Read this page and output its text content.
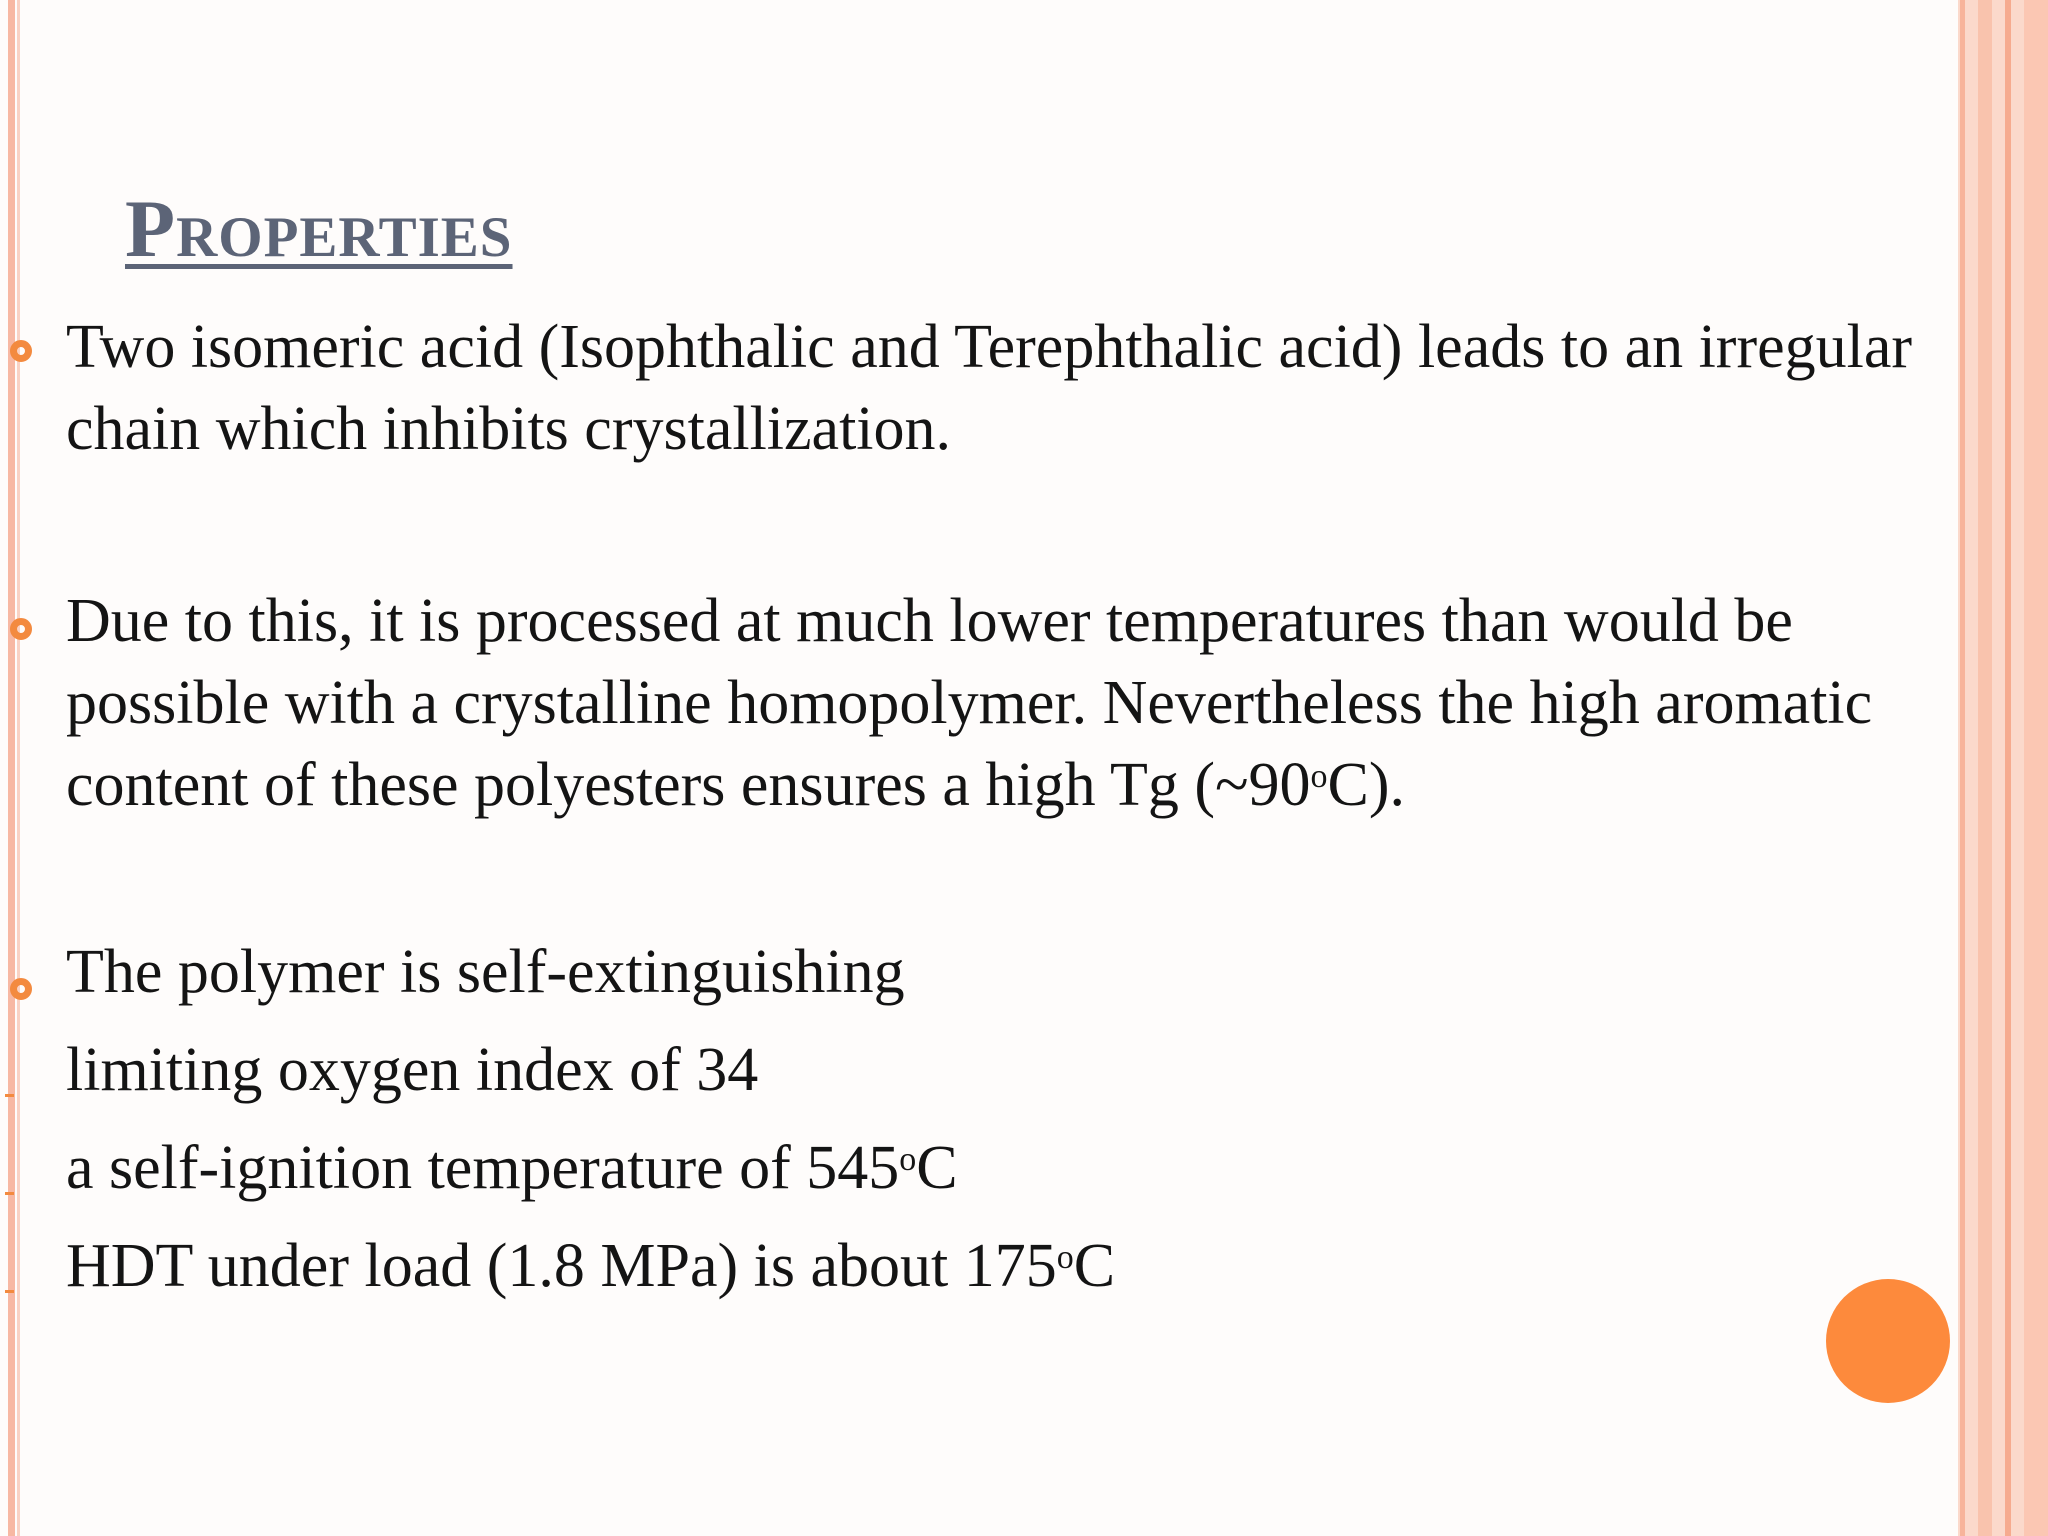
Properties
Two isomeric acid (Isophthalic and Terephthalic acid) leads to an irregular
chain which inhibits crystallization.
Due to this, it is processed at much lower temperatures than would be
possible with a crystalline homopolymer. Nevertheless the high aromatic
content of these polyesters ensures a high Tg (~90$^o$C).
The polymer is self-extinguishing
limiting oxygen index of 34
a self-ignition temperature of 545$^o$C
HDT under load (1.8 MPa) is about 175$^o$C
